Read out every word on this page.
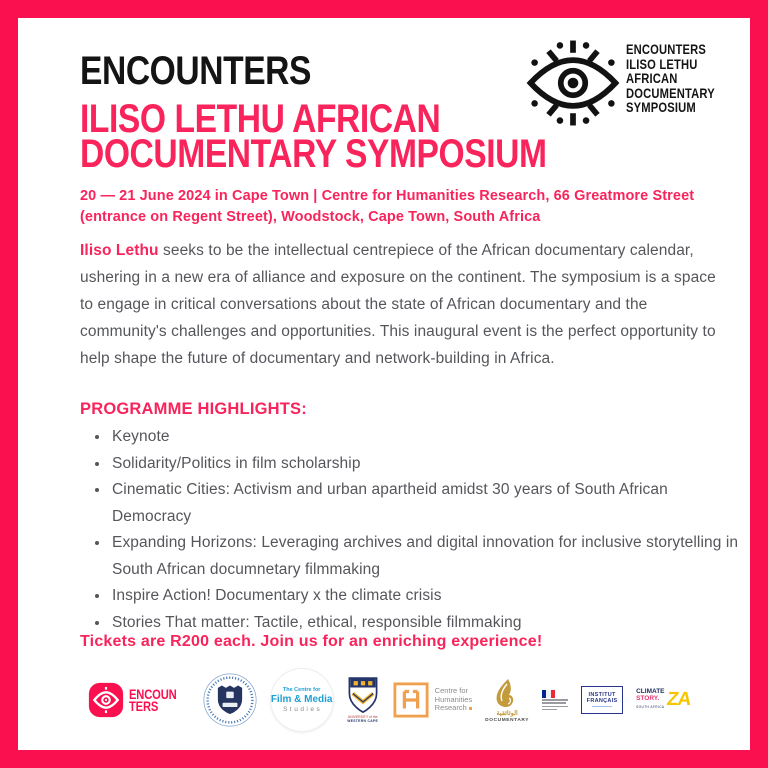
ENCOUNTERS
ILISO LETHU AFRICAN
DOCUMENTARY SYMPOSIUM
ENCOUNTERS
ILISO LETHU
AFRICAN
DOCUMENTARY
SYMPOSIUM
20 — 21 June 2024 in Cape Town | Centre for Humanities Research, 66 Greatmore Street (entrance on Regent Street), Woodstock, Cape Town, South Africa
Iliso Lethu seeks to be the intellectual centrepiece of the African documentary calendar, ushering in a new era of alliance and exposure on the continent. The symposium is a space to engage in critical conversations about the state of African documentary and the community's challenges and opportunities. This inaugural event is the perfect opportunity to help shape the future of documentary and network-building in Africa.
PROGRAMME HIGHLIGHTS:
• Keynote
• Solidarity/Politics in film scholarship
• Cinematic Cities: Activism and urban apartheid amidst 30 years of South African Democracy
• Expanding Horizons: Leveraging archives and digital innovation for inclusive storytelling in South African documnetary filmmaking
• Inspire Action! Documentary x the climate crisis
• Stories That matter: Tactile, ethical, responsible filmmaking
Tickets are R200 each. Join us for an enriching experience!
ENCOUN
TERS
The Centre for
Film & Media
Studies
UNIVERSITY of the
WESTERN CAPE
Centre for
Humanities
Research
الوثائقية
DOCUMENTARY
INSTITUT
FRANÇAIS
CLIMATE
STORY.
SOUTH AFRICA ZA
